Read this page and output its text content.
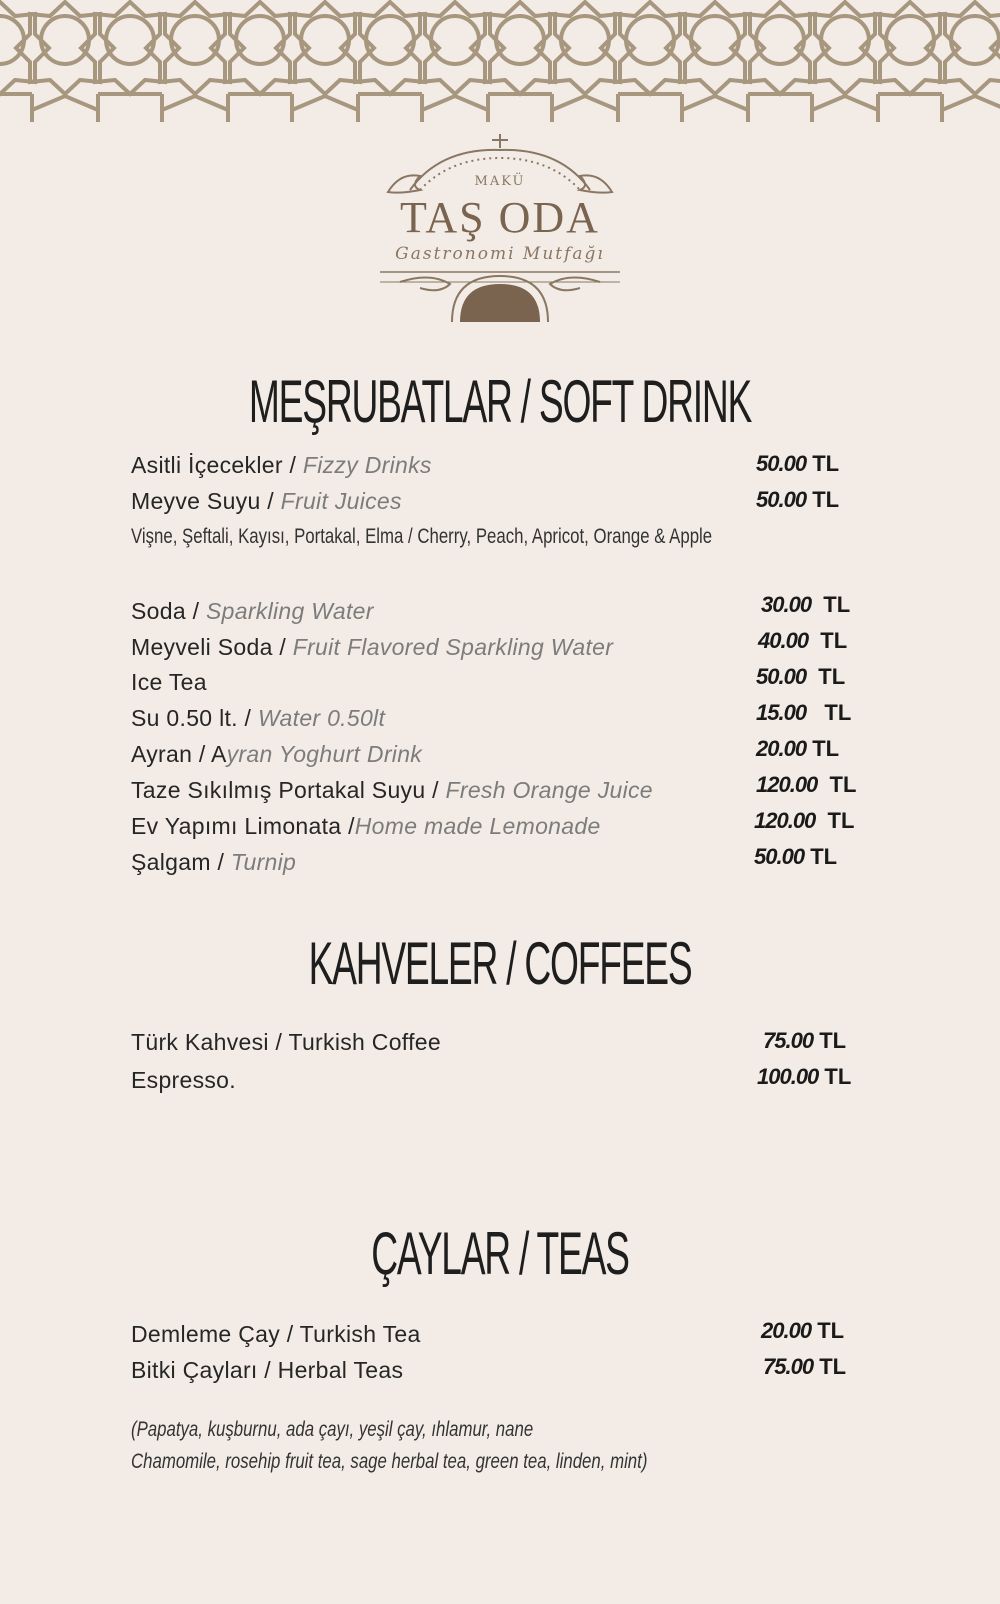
MAKÜ
TAŞ ODA
Gastronomi Mutfağı
MEŞRUBATLAR / SOFT DRINK
Asitli İçecekler / Fizzy Drinks	50.00 TL
Meyve Suyu / Fruit Juices	50.00 TL
Vişne, Şeftali, Kayısı, Portakal, Elma / Cherry, Peach, Apricot, Orange & Apple
Soda / Sparkling Water	30.00 TL
Meyveli Soda / Fruit Flavored Sparkling Water	40.00 TL
Ice Tea	50.00 TL
Su 0.50 lt. / Water 0.50lt	15.00 TL
Ayran / Ayran Yoghurt Drink	20.00 TL
Taze Sıkılmış Portakal Suyu / Fresh Orange Juice	120.00 TL
Ev Yapımı Limonata /Home made Lemonade	120.00 TL
Şalgam / Turnip	50.00 TL
KAHVELER / COFFEES
Türk Kahvesi / Turkish Coffee	75.00 TL
Espresso.	100.00 TL
ÇAYLAR / TEAS
Demleme Çay / Turkish Tea	20.00 TL
Bitki Çayları / Herbal Teas	75.00 TL
(Papatya, kuşburnu, ada çayı, yeşil çay, ıhlamur, nane
Chamomile, rosehip fruit tea, sage herbal tea, green tea, linden, mint)
